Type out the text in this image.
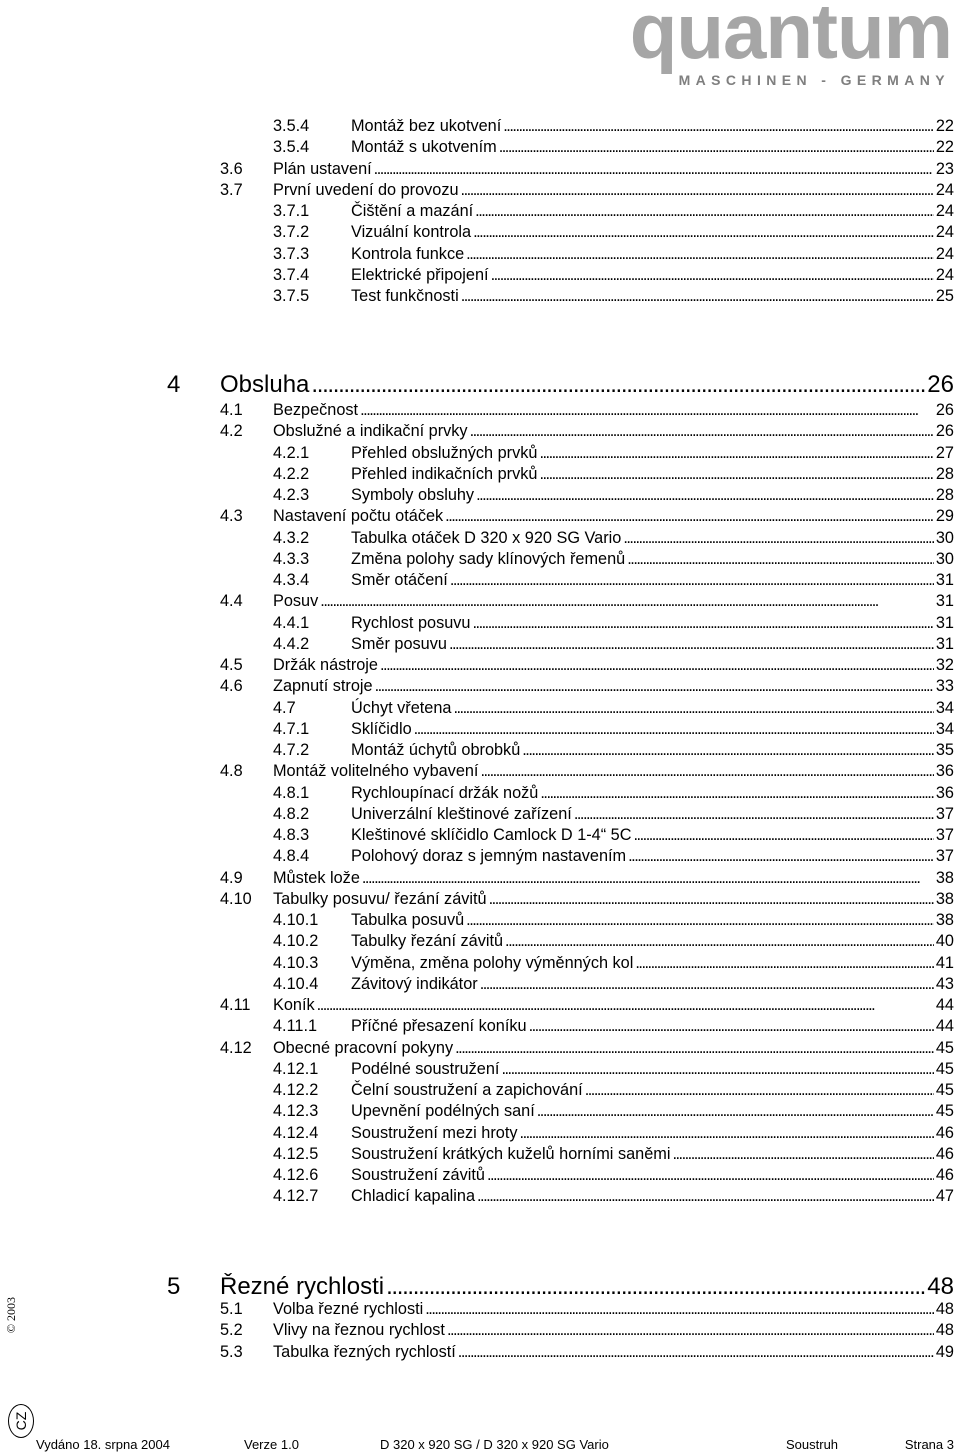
quantum
MASCHINEN - GERMANY
3.5.4	Montáž bez ukotvení . . .	22
3.5.4	Montáž s ukotvením . . .	22
3.6	Plán ustavení . . .	23
3.7	První uvedení do provozu . . .	24
3.7.1	Čištění a mazání . . .	24
3.7.2	Vizuální kontrola . . .	24
3.7.3	Kontrola funkce . . .	24
3.7.4	Elektrické připojení . . .	24
3.7.5	Test funkčnosti . . .	25
4	Obsluha . . .	26
4.1	Bezpečnost . . .	26
4.2	Obslužné a indikační prvky . . .	26
4.2.1	Přehled obslužných prvků . . .	27
4.2.2	Přehled indikačních prvků . . .	28
4.2.3	Symboly obsluhy . . .	28
4.3	Nastavení počtu otáček . . .	29
4.3.2	Tabulka otáček D 320 x 920 SG Vario . . .	30
4.3.3	Změna polohy sady klínových řemenů . . .	30
4.3.4	Směr otáčení . . .	31
4.4	Posuv . . .	31
4.4.1	Rychlost posuvu . . .	31
4.4.2	Směr posuvu . . .	31
4.5	Držák nástroje . . .	32
4.6	Zapnutí stroje . . .	33
4.7	Úchyt vřetena . . .	34
4.7.1	Sklíčidlo . . .	34
4.7.2	Montáž úchytů obrobků . . .	35
4.8	Montáž volitelného vybavení . . .	36
4.8.1	Rychloupínací držák nožů . . .	36
4.8.2	Univerzální kleštinové zařízení . . .	37
4.8.3	Kleštinové sklíčidlo Camlock D 1-4“ 5C . . .	37
4.8.4	Polohový doraz s jemným nastavením . . .	37
4.9	Můstek lože . . .	38
4.10	Tabulky posuvu/ řezání závitů . . .	38
4.10.1	Tabulka posuvů . . .	38
4.10.2	Tabulky řezání závitů . . .	40
4.10.3	Výměna, změna polohy výměnných kol . . .	41
4.10.4	Závitový indikátor . . .	43
4.11	Koník . . .	44
4.11.1	Příčné přesazení koníku . . .	44
4.12	Obecné pracovní pokyny . . .	45
4.12.1	Podélné soustružení . . .	45
4.12.2	Čelní soustružení a zapichování . . .	45
4.12.3	Upevnění podélných saní . . .	45
4.12.4	Soustružení mezi hroty . . .	46
4.12.5	Soustružení krátkých kuželů horními saněmi . . .	46
4.12.6	Soustružení závitů . . .	46
4.12.7	Chladicí kapalina . . .	47
5	Řezné rychlosti . . .	48
5.1	Volba řezné rychlosti . . .	48
5.2	Vlivy na řeznou rychlost . . .	48
5.3	Tabulka řezných rychlostí . . .	49
© 2003
CZ
Vydáno 18. srpna 2004	Verze 1.0	D 320 x 920 SG / D 320 x 920 SG Vario	Soustruh	Strana 3
